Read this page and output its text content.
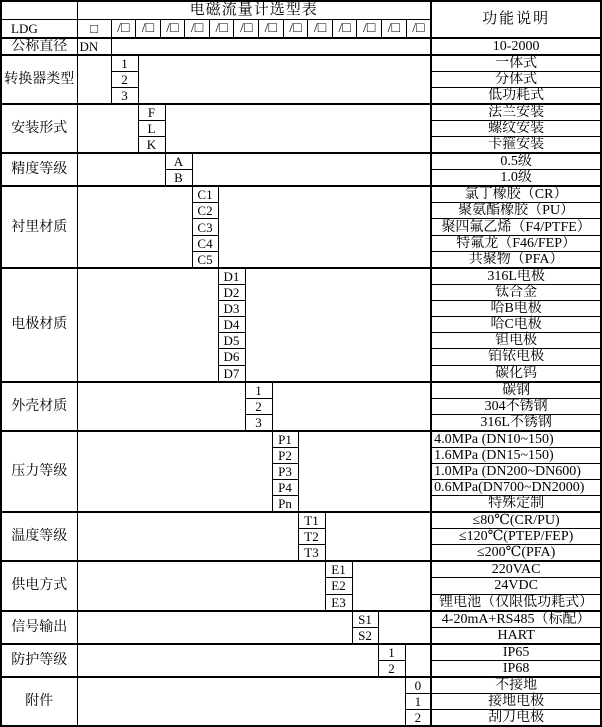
	电磁流量计选型表													功能说明
LDG	□	/□ /□ /□ /□ /□ /□ /□ /□ /□ /□ /□ /□ /□

公称直径	DN													10-2000
转换器类型		1												一体式
		2												分体式
		3												低功耗式
安装形式			F											法兰安装
			L											螺纹安装
			K											卡箍安装
精度等级				A										0.5级
				B										1.0级
衬里材质					C1									氯丁橡胶（CR）
					C2									聚氨酯橡胶（PU）
					C3									聚四氟乙烯（F4/PTFE）
					C4									特氟龙（F46/FEP）
					C5									共聚物（PFA）
电极材质						D1								316L电极
						D2								钛合金
						D3								哈B电极
						D4								哈C电极
						D5								钽电极
						D6								铂铱电极
						D7								碳化钨
外壳材质							1							碳钢
							2							304不锈钢
							3							316L不锈钢
压力等级								P1						4.0MPa (DN10~150)
								P2						1.6MPa (DN15~150)
								P3						1.0MPa (DN200~DN600)
								P4						0.6MPa(DN700~DN2000)
								Pn						特殊定制
温度等级									T1					≤80℃(CR/PU)
									T2					≤120℃(PTEP/FEP)
									T3					≤200℃(PFA)
供电方式										E1				220VAC
										E2				24VDC
										E3				锂电池（仅限低功耗式）
信号输出											S1			4-20mA+RS485（标配）
											S2			HART
防护等级												1		IP65
												2		IP68
附件													0	不接地
													1	接地电极
													2	刮刀电极
